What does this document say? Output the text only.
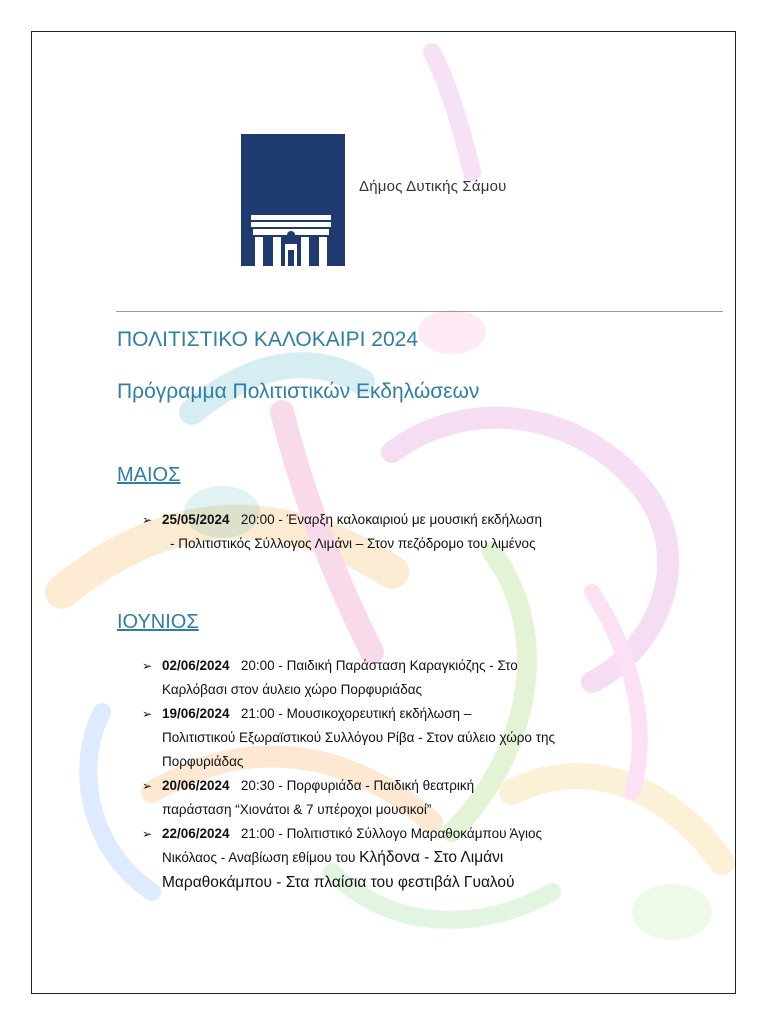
Δήμος Δυτικής Σάμου
ΠΟΛΙΤΙΣΤΙΚΟ ΚΑΛΟΚΑΙΡΙ 2024
Πρόγραμμα Πολιτιστικών Εκδηλώσεων
ΜΑΙΟΣ
➢ 25/05/2024 20:00 - Έναρξη καλοκαιριού με μουσική εκδήλωση
- Πολιτιστικός Σύλλογος Λιμάνι – Στον πεζόδρομο του λιμένος
ΙΟΥΝΙΟΣ
➢ 02/06/2024 20:00 - Παιδική Παράσταση Καραγκιόζης - Στο
Καρλόβασι στον άυλειο χώρο Πορφυριάδας
➢ 19/06/2024 21:00 - Μουσικοχορευτική εκδήλωση –
Πολιτιστικού Εξωραϊστικού Συλλόγου Ρίβα - Στον αύλειο χώρο της
Πορφυριάδας
➢ 20/06/2024 20:30 - Πορφυριάδα - Παιδική θεατρική
παράσταση “Χιονάτοι & 7 υπέροχοι μουσικοί”
➢ 22/06/2024 21:00 - Πολιτιστικό Σύλλογο Μαραθοκάμπου Άγιος
Νικόλαος - Αναβίωση εθίμου του Κλήδονα - Στο Λιμάνι
Μαραθοκάμπου - Στα πλαίσια του φεστιβάλ Γυαλού
